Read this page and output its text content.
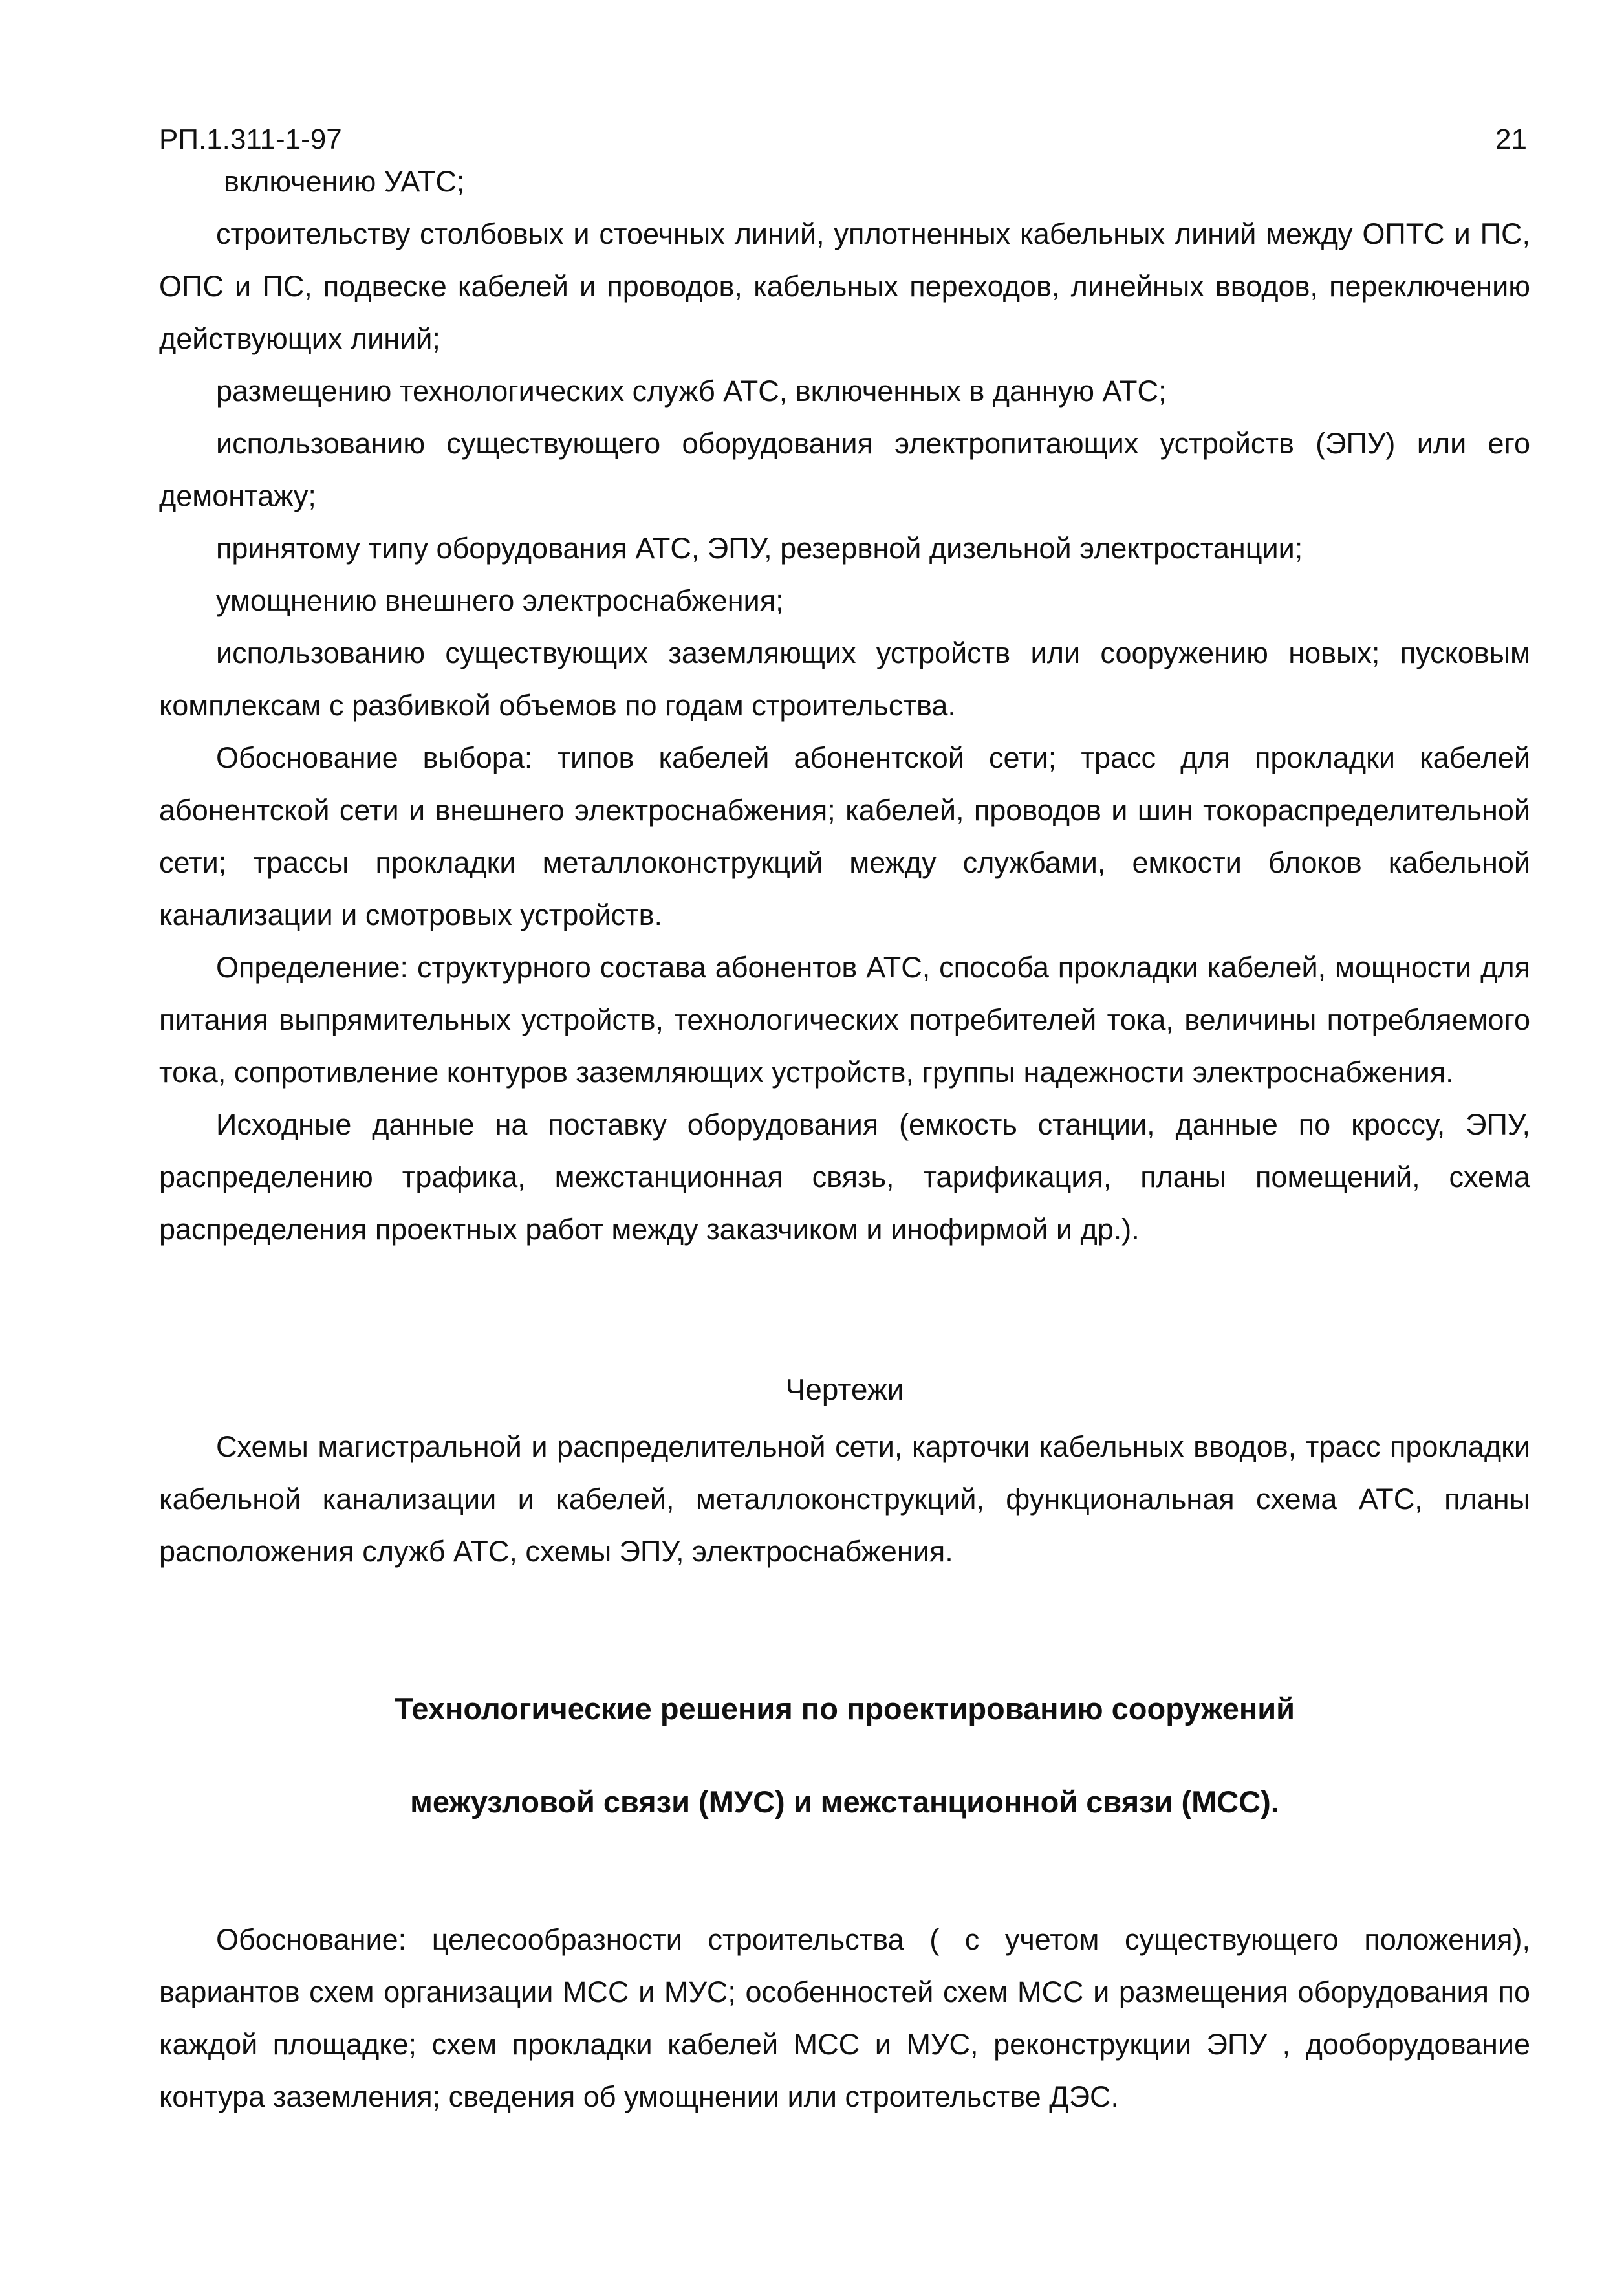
РП.1.311-1-97	21

включению УАТС;

строительству столбовых и стоечных линий, уплотненных кабельных линий между ОПТС и ПС, ОПС и ПС, подвеске кабелей и проводов, кабельных переходов, линейных вводов, переключению действующих линий;

размещению технологических служб АТС, включенных в данную АТС;

использованию существующего оборудования электропитающих устройств (ЭПУ) или его демонтажу;

принятому типу оборудования АТС, ЭПУ, резервной дизельной электростанции;

умощнению внешнего электроснабжения;

использованию существующих заземляющих устройств или сооружению новых; пусковым комплексам с разбивкой объемов по годам строительства.

Обоснование выбора: типов кабелей абонентской сети; трасс для прокладки кабелей абонентской сети и внешнего электроснабжения; кабелей, проводов и шин токораспределительной сети; трассы прокладки металлоконструкций между службами, емкости блоков кабельной канализации и смотровых устройств.

Определение: структурного состава абонентов АТС, способа прокладки кабелей, мощности для питания выпрямительных устройств, технологических потребителей тока, величины потребляемого тока, сопротивление контуров заземляющих устройств, группы надежности электроснабжения.

Исходные данные на поставку оборудования (емкость станции, данные по кроссу, ЭПУ, распределению трафика, межстанционная связь, тарификация, планы помещений, схема распределения проектных работ между заказчиком и инофирмой и др.).

Чертежи

Схемы магистральной и распределительной сети, карточки кабельных вводов, трасс прокладки кабельной канализации и кабелей, металлоконструкций, функциональная схема АТС, планы расположения служб АТС, схемы ЭПУ, электроснабжения.

Технологические решения по проектированию сооружений
межузловой связи (МУС) и межстанционной связи (МСС).

Обоснование: целесообразности строительства ( с учетом существующего положения), вариантов схем организации МСС и МУС; особенностей схем МСС и размещения оборудования по каждой площадке; схем прокладки кабелей МСС и МУС, реконструкции ЭПУ , дооборудование контура заземления; сведения об умощнении или строительстве ДЭС.
